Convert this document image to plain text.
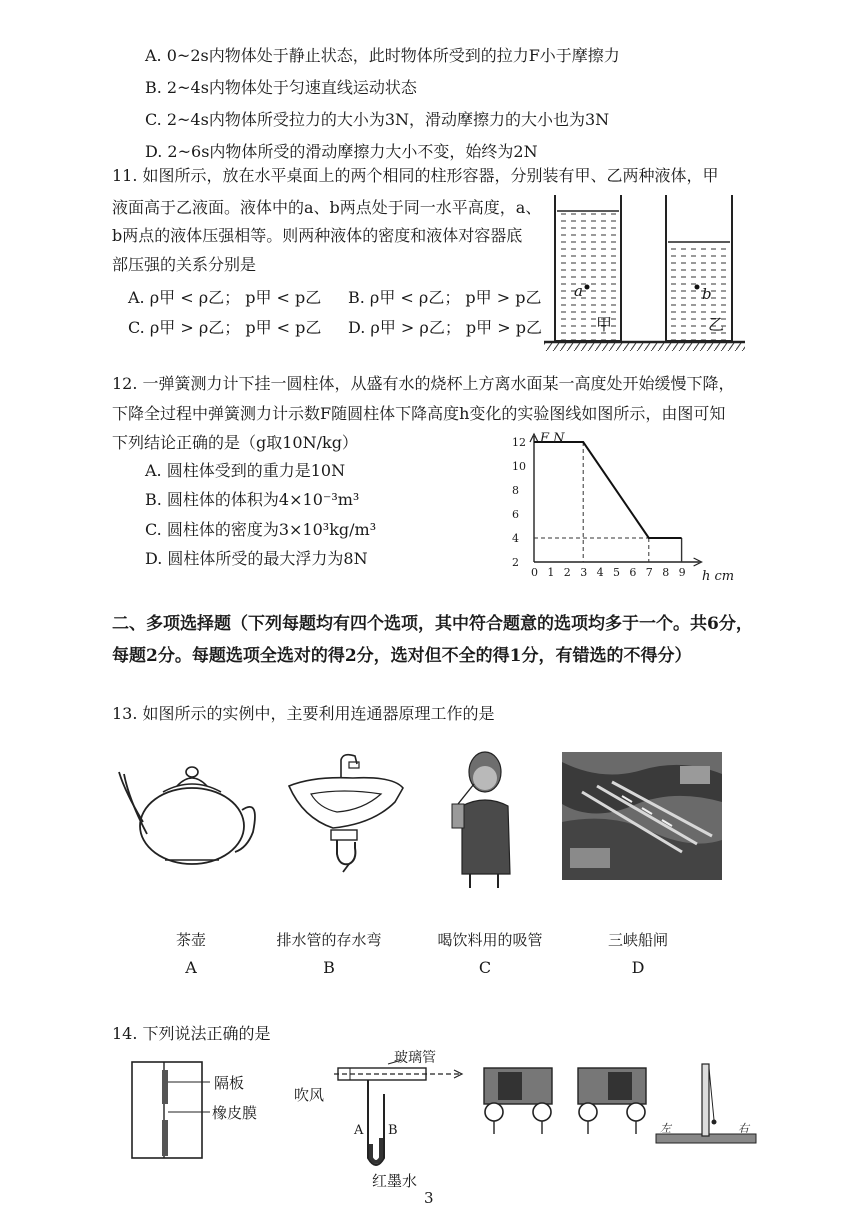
A. 0~2s内物体处于静止状态，此时物体所受到的拉力F小于摩擦力
B. 2~4s内物体处于匀速直线运动状态
C. 2~4s内物体所受拉力的大小为3N，滑动摩擦力的大小也为3N
D. 2~6s内物体所受的滑动摩擦力大小不变，始终为2N
11. 如图所示，放在水平桌面上的两个相同的柱形容器，分别装有甲、乙两种液体，甲
液面高于乙液面。液体中的a、b两点处于同一水平高度，a、
b两点的液体压强相等。则两种液体的密度和液体对容器底
部压强的关系分别是
A. ρ甲 < ρ乙； p甲 < p乙 B. ρ甲 < ρ乙； p甲 > p乙
C. ρ甲 > ρ乙； p甲 < p乙 D. ρ甲 > ρ乙； p甲 > p乙
a	b
甲	乙
12. 一弹簧测力计下挂一圆柱体，从盛有水的烧杯上方离水面某一高度处开始缓慢下降，
下降全过程中弹簧测力计示数F随圆柱体下降高度h变化的实验图线如图所示，由图可知
下列结论正确的是（g取10N/kg）
A. 圆柱体受到的重力是10N
B. 圆柱体的体积为4×10⁻³m³
C. 圆柱体的密度为3×10³kg/m³
D. 圆柱体所受的最大浮力为8N
0 1 2 3 4 5 6 7 8 9
2
4
6
8
10
12 F N
h cm
二、多项选择题（下列每题均有四个选项，其中符合题意的选项均多于一个。共6分，
每题2分。每题选项全选对的得2分，选对但不全的得1分，有错选的不得分）
13. 如图所示的实例中，主要利用连通器原理工作的是
茶壶	排水管的存水弯	喝饮料用的吸管	三峡船闸
A	B	C	D
14. 下列说法正确的是
隔板
橡皮膜
吹风
玻璃管
A B
红墨水
左	右
3
